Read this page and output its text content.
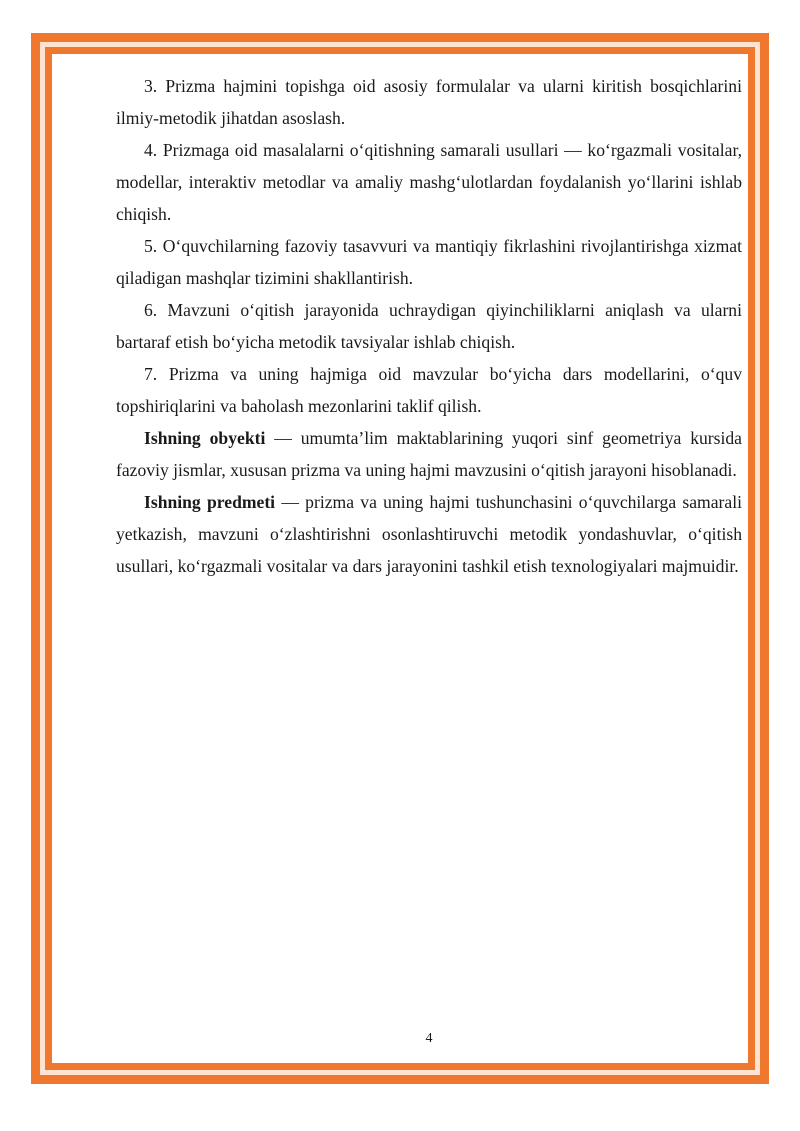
3. Prizma hajmini topishga oid asosiy formulalar va ularni kiritish bosqichlarini ilmiy-metodik jihatdan asoslash.

4. Prizmaga oid masalalarni o‘qitishning samarali usullari — ko‘rgazmali vositalar, modellar, interaktiv metodlar va amaliy mashg‘ulotlardan foydalanish yo‘llarini ishlab chiqish.

5. O‘quvchilarning fazoviy tasavvuri va mantiqiy fikrlashini rivojlantirishga xizmat qiladigan mashqlar tizimini shakllantirish.

6. Mavzuni o‘qitish jarayonida uchraydigan qiyinchiliklarni aniqlash va ularni bartaraf etish bo‘yicha metodik tavsiyalar ishlab chiqish.

7. Prizma va uning hajmiga oid mavzular bo‘yicha dars modellarini, o‘quv topshiriqlarini va baholash mezonlarini taklif qilish.

Ishning obyekti — umumta’lim maktablarining yuqori sinf geometriya kursida fazoviy jismlar, xususan prizma va uning hajmi mavzusini o‘qitish jarayoni hisoblanadi.

Ishning predmeti — prizma va uning hajmi tushunchasini o‘quvchilarga samarali yetkazish, mavzuni o‘zlashtirishni osonlashtiruvchi metodik yondashuvlar, o‘qitish usullari, ko‘rgazmali vositalar va dars jarayonini tashkil etish texnologiyalari majmuidir.

4
